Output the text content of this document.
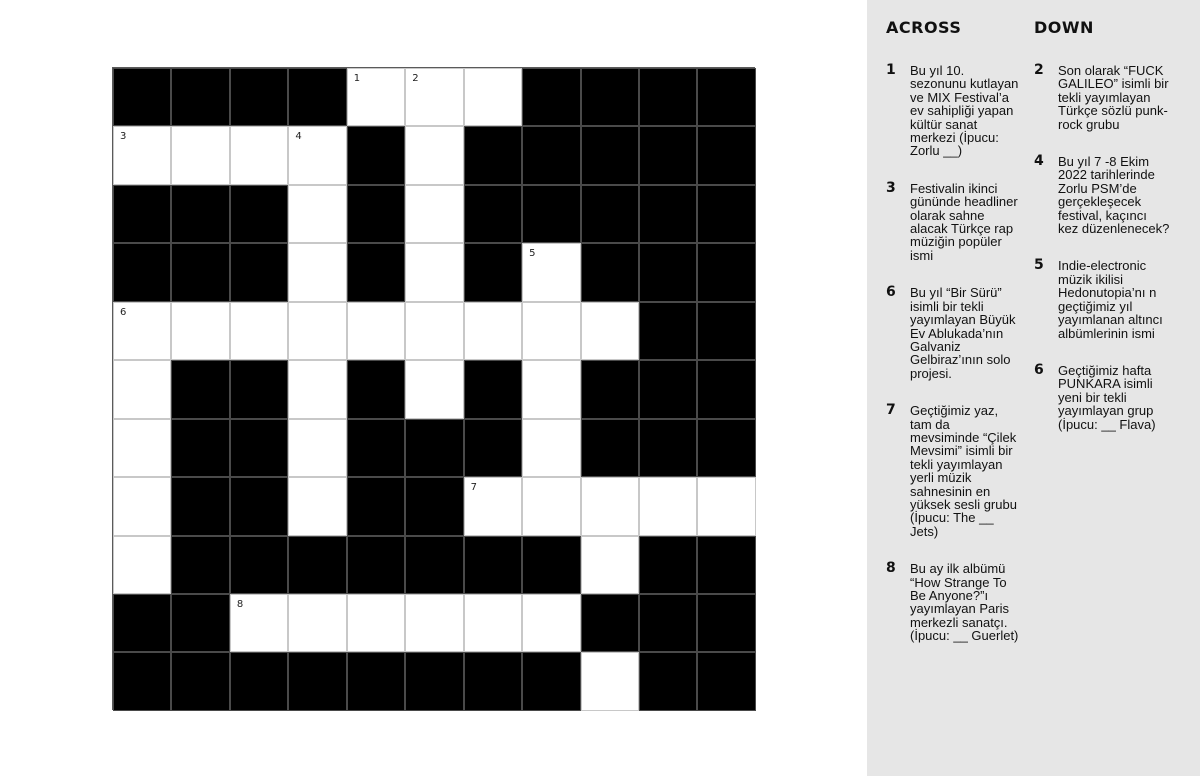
1	2
3	4
5
6
7
8
ACROSS
1	Bu yıl 10. sezonunu kutlayan ve MIX Festival’a ev sahipliği yapan kültür sanat merkezi (İpucu: Zorlu __)
3	Festivalin ikinci gününde headliner olarak sahne alacak Türkçe rap müziğin popüler ismi
6	Bu yıl “Bir Sürü” isimli bir tekli yayımlayan Büyük Ev Ablukada’nın Galvaniz Gelbiraz’ının solo projesi.
7	Geçtiğimiz yaz, tam da mevsiminde “Çilek Mevsimi” isimli bir tekli yayımlayan yerli müzik sahnesinin en yüksek sesli grubu (İpucu: The __ Jets)
8	Bu ay ilk albümü “How Strange To Be Anyone?”ı yayımlayan Paris merkezli sanatçı. (İpucu: __ Guerlet)
DOWN
2	Son olarak “FUCK GALILEO” isimli bir tekli yayımlayan Türkçe sözlü punk-rock grubu
4	Bu yıl 7 -8 Ekim 2022 tarihlerinde Zorlu PSM’de gerçekleşecek festival, kaçıncı kez düzenlenecek?
5	Indie-electronic müzik ikilisi Hedonutopia’nı n geçtiğimiz yıl yayımlanan altıncı albümlerinin ismi
6	Geçtiğimiz hafta PUNKARA isimli yeni bir tekli yayımlayan grup (İpucu: __ Flava)
